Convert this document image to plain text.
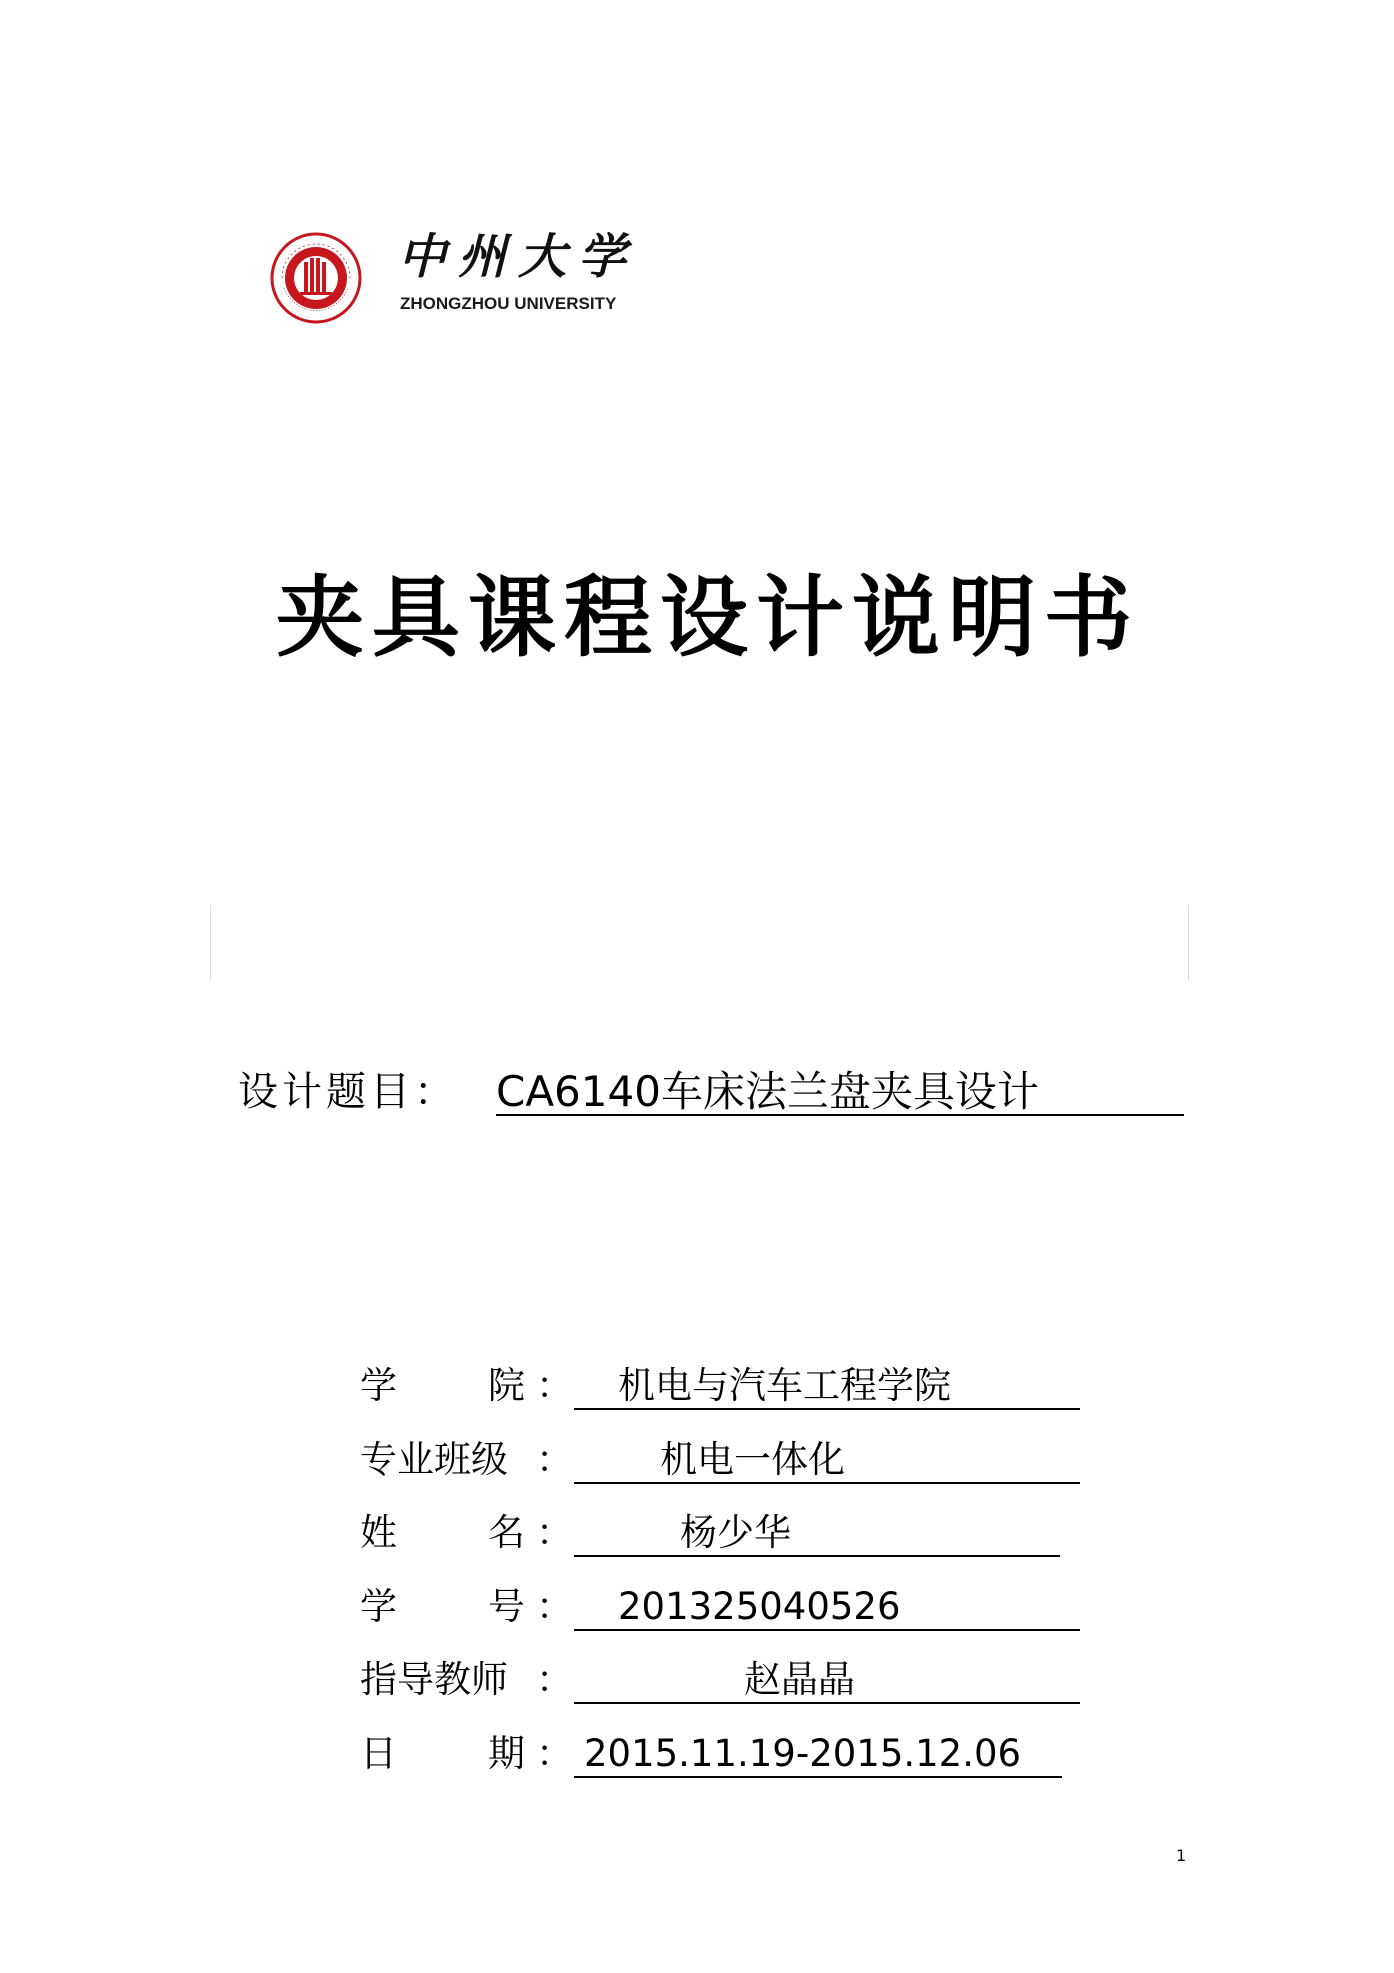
中州大学
ZHONGZHOU UNIVERSITY
夹具课程设计说明书
设计题目： CA6140车床法兰盘夹具设计
学 院 ： 机电与汽车工程学院
专业班级 ： 机电一体化
姓 名 ：	杨少华
学 号 ： 201325040526
指导教师 ：	赵晶晶
日 期 ： 2015.11.19-2015.12.06
1
